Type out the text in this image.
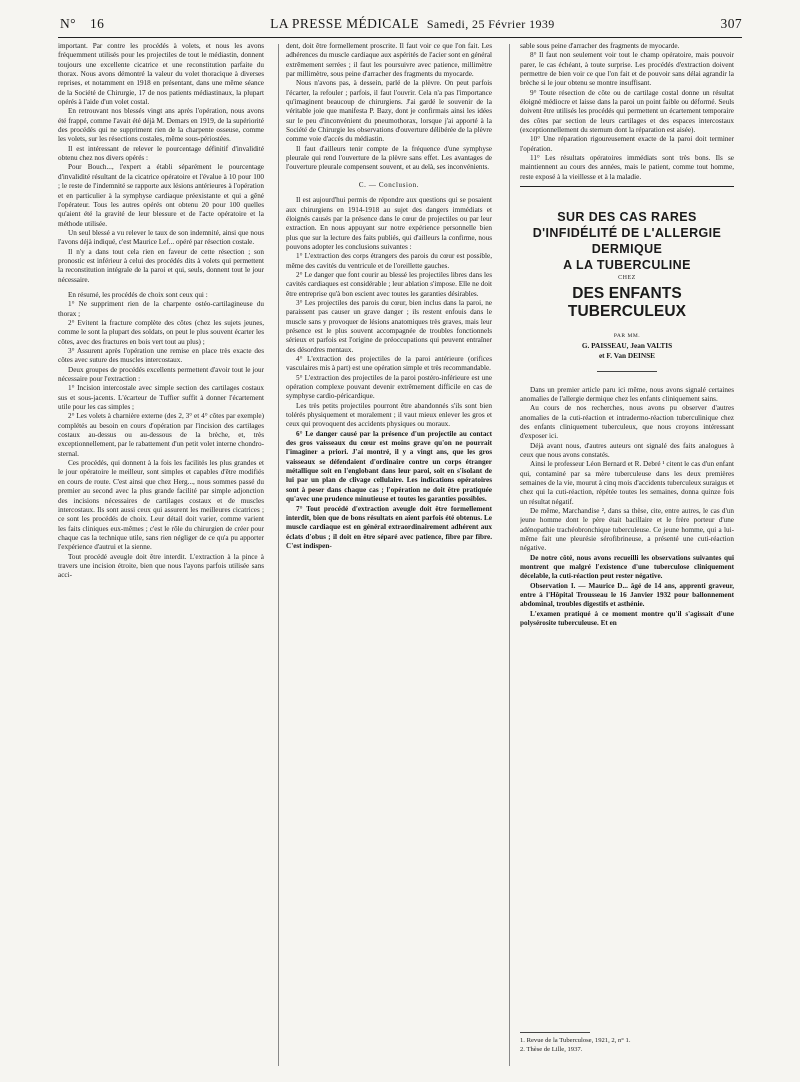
N° 16	LA PRESSE MÉDICALE Samedi, 25 Février 1939	307

important. Par contre les procédés à volets, et nous les avons fréquemment utilisés pour les projectiles de tout le médiastin, donnent toujours une excellente cicatrice et une reconstitution parfaite du thorax. Nous avons démontré la valeur du volet thoracique à diverses reprises, et notamment en 1918 en présentant, dans une même séance de la Société de Chirurgie, 17 de nos patients médiastinaux, la plupart opérés à l'aide d'un volet costal.

En retrouvant nos blessés vingt ans après l'opération, nous avons été frappé, comme l'avait été déjà M. Demars en 1919, de la supériorité des procédés qui ne suppriment rien de la charpente osseuse, comme les volets, sur les résections costales, même sous-périostées.

Il est intéressant de relever le pourcentage définitif d'invalidité obtenu chez nos divers opérés :

Pour Bouch..., l'expert a établi séparément le pourcentage d'invalidité résultant de la cicatrice opératoire et l'évalue à 10 pour 100 ; le reste de l'indemnité se rapporte aux lésions antérieures à l'opération et en particulier à la symphyse cardiaque préexistante et qui a gêné l'opérateur. Tous les autres opérés ont obtenu 20 pour 100 quelles qu'aient été la gravité de leur blessure et de l'acte opératoire et la méthode utilisée.

Un seul blessé a vu relever le taux de son indemnité, ainsi que nous l'avons déjà indiqué, c'est Maurice Lef... opéré par résection costale.

Il n'y a dans tout cela rien en faveur de cette résection ; son pronostic est inférieur à celui des procédés dits à volets qui permettent la reconstitution intégrale de la paroi et qui, seuls, donnent tout le jour nécessaire.

En résumé, les procédés de choix sont ceux qui :

1° Ne suppriment rien de la charpente ostéo-cartilagineuse du thorax ;

2° Evitent la fracture complète des côtes (chez les sujets jeunes, comme le sont la plupart des soldats, on peut le plus souvent écarter les côtes, avec des fractures en bois vert tout au plus) ;

3° Assurent après l'opération une remise en place très exacte des côtes avec suture des muscles intercostaux.

Deux groupes de procédés excellents permettent d'avoir tout le jour nécessaire pour l'extraction :

1° Incision intercostale avec simple section des cartilages costaux sus et sous-jacents. L'écarteur de Tuffier suffit à donner l'écartement utile pour les cas simples ;

2° Les volets à charnière externe (des 2, 3° et 4° côtes par exemple) complétés au besoin en cours d'opération par l'incision des cartilages costaux au-dessus ou au-dessous de la brèche, et, très exceptionnellement, par le rabattement d'un petit volet interne chondro-sternal.

Ces procédés, qui donnent à la fois les facilités les plus grandes et le jour opératoire le meilleur, sont simples et capables d'être modifiés en cours de route. C'est ainsi que chez Herg..., nous sommes passé du premier au second avec la plus grande facilité par simple adjonction des incisions nécessaires de cartilages costaux et de muscles intercostaux. Ils sont aussi ceux qui assurent les meilleures cicatrices ; ce sont les procédés de choix. Leur détail doit varier, comme varient les faits cliniques eux-mêmes ; c'est le rôle du chirurgien de créer pour chaque cas la technique utile, sans rien négliger de ce qu'a pu apporter l'expérience d'autrui et la sienne.

Tout procédé aveugle doit être interdit. L'extraction à la pince à travers une incision étroite, bien que nous l'ayons parfois utilisée sans acci-

dent, doit être formellement proscrite. Il faut voir ce que l'on fait. Les adhérences du muscle cardiaque aux aspérités de l'acier sont en général extrêmement serrées ; il faut les poursuivre avec patience, millimètre par millimètre, sous peine d'arracher des fragments du myocarde.

Nous n'avons pas, à dessein, parlé de la plèvre. On peut parfois l'écarter, la refouler ; parfois, il faut l'ouvrir. Cela n'a pas l'importance qu'imaginent beaucoup de chirurgiens. J'ai gardé le souvenir de la véritable joie que manifesta P. Bazy, dont je confirmais ainsi les idées sur le peu d'inconvénient du pneumothorax, lorsque j'ai apporté à la Société de Chirurgie les observations d'ouverture délibérée de la plèvre comme voie d'accès du médiastin.

Il faut d'ailleurs tenir compte de la fréquence d'une symphyse pleurale qui rend l'ouverture de la plèvre sans effet. Les avantages de l'ouverture pleurale compensent souvent, et au delà, ses inconvénients.

C. — Conclusion.

Il est aujourd'hui permis de répondre aux questions qui se posaient aux chirurgiens en 1914-1918 au sujet des dangers immédiats et éloignés causés par la présence dans le cœur de projectiles ou par leur extraction. En nous appuyant sur notre expérience personnelle bien plus que sur la lecture des faits publiés, qui d'ailleurs la confirme, nous pouvons adopter les conclusions suivantes :

1° L'extraction des corps étrangers des parois du cœur est possible, même des cavités du ventricule et de l'oreillette gauches.

2° Le danger que font courir au blessé les projectiles libres dans les cavités cardiaques est considérable ; leur ablation s'impose. Elle ne doit être entreprise qu'à bon escient avec toutes les garanties désirables.

3° Les projectiles des parois du cœur, bien inclus dans la paroi, ne paraissent pas causer un grave danger ; ils restent enfouis dans le muscle sans y provoquer de lésions anatomiques très graves, mais leur présence est le plus souvent accompagnée de troubles fonctionnels sérieux et parfois est l'origine de préoccupations qui peuvent entraîner des désordres mentaux.

4° L'extraction des projectiles de la paroi antérieure (orifices vasculaires mis à part) est une opération simple et très recommandable.

5° L'extraction des projectiles de la paroi postéro-inférieure est une opération complexe pouvant devenir extrêmement difficile en cas de symphyse cardio-péricardique.

Les très petits projectiles pourront être abandonnés s'ils sont bien tolérés physiquement et moralement ; il vaut mieux enlever les gros et ceux qui provoquent des accidents physiques ou moraux.

6° Le danger causé par la présence d'un projectile au contact des gros vaisseaux du cœur est moins grave qu'on ne pourrait l'imaginer a priori. J'ai montré, il y a vingt ans, que les gros vaisseaux se défendaient d'ordinaire contre un corps étranger métallique soit en l'englobant dans leur paroi, soit en s'isolant de lui par un plan de clivage cellulaire. Les indications opératoires sont à peser dans chaque cas ; l'opération ne doit être pratiquée qu'avec une prudence minutieuse et toutes les garanties possibles.

7° Tout procédé d'extraction aveugle doit être formellement interdit, bien que de bons résultats en aient parfois été obtenus. Le muscle cardiaque est en général extraordinairement adhérent aux éclats d'obus ; il doit en être séparé avec patience, fibre par fibre. C'est indispen-

sable sous peine d'arracher des fragments de myocarde.

8° Il faut non seulement voir tout le champ opératoire, mais pouvoir parer, le cas échéant, à toute surprise. Les procédés d'extraction doivent permettre de bien voir ce que l'on fait et de pouvoir sans délai agrandir la brèche si le jour obtenu se montre insuffisant.

9° Toute résection de côte ou de cartilage costal donne un résultat éloigné médiocre et laisse dans la paroi un point faible ou déformé. Seuls doivent être utilisés les procédés qui permettent un écartement temporaire des côtes par section de leurs cartilages et des espaces intercostaux (exceptionnellement du sternum dont la réparation est aisée).

10° Une réparation rigoureusement exacte de la paroi doit terminer l'opération.

11° Les résultats opératoires immédiats sont très bons. Ils se maintiennent au cours des années, mais le patient, comme tout homme, reste exposé à la vieillesse et à la maladie.

SUR DES CAS RARES
D'INFIDÉLITÉ DE L'ALLERGIE
DERMIQUE
A LA TUBERCULINE
CHEZ
DES ENFANTS TUBERCULEUX
PAR MM.
G. PAISSEAU, Jean VALTIS
et F. Van DEINSE

Dans un premier article paru ici même, nous avons signalé certaines anomalies de l'allergie dermique chez les enfants cliniquement sains.

Au cours de nos recherches, nous avons pu observer d'autres anomalies de la cuti-réaction et intradermo-réaction tuberculinique chez des enfants cliniquement tuberculeux, que nous croyons intéressant d'exposer ici.

Déjà avant nous, d'autres auteurs ont signalé des faits analogues à ceux que nous avons constatés.

Ainsi le professeur Léon Bernard et R. Debré ¹ citent le cas d'un enfant qui, contaminé par sa mère tuberculeuse dans les deux premières semaines de la vie, mourut à cinq mois d'accidents tuberculeux suraigus et chez qui la cuti-réaction, répétée toutes les semaines, donna quinze fois un résultat négatif.

De même, Marchandise ², dans sa thèse, cite, entre autres, le cas d'un jeune homme dont le père était bacillaire et le frère porteur d'une adénopathie trachéobronchique tuberculeuse. Ce jeune homme, qui a lui-même fait une pleurésie sérofibrineuse, a présenté une cuti-réaction négative.

De notre côté, nous avons recueilli les observations suivantes qui montrent que malgré l'existence d'une tuberculose cliniquement décelable, la cuti-réaction peut rester négative.

Observation I. — Maurice D... âgé de 14 ans, apprenti graveur, entre à l'Hôpital Trousseau le 16 Janvier 1932 pour ballonnement abdominal, troubles digestifs et asthénie.

L'examen pratiqué à ce moment montre qu'il s'agissait d'une polysérosite tuberculeuse. Et en

1. Revue de la Tuberculose, 1921, 2, n° 1.
2. Thèse de Lille, 1937.
